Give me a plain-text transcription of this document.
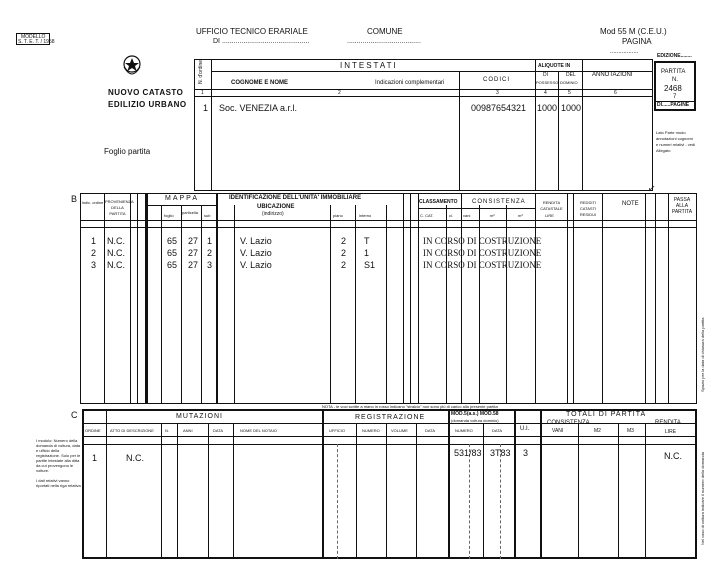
MODELLO
S. T. E. T. / 1958
UFFICIO TECNICO ERARIALE
DI .............................................
COMUNE
......................................
Mod 55 M (C.E.U.)
PAGINA
.................
EDIZIONE........
NUOVO CATASTO
EDILIZIO URBANO
Foglio partita
INTESTATI
COGNOME E NOME	Indicazioni complementari	CODICI
ALIQUOTE IN
DI	DEL
POSSESSO DOMINIO
ANNOTAZIONI
N. d'ordine
1	2	3	4	5	6
1 Soc. VENEZIA a.r.l.	00987654321 1000 1000
PARTITA
N.
2468
7
DI......PAGINE
Lato Parte modo annotazioni cognomi e numeri relativi - vedi Allegato
↙
B	MAPPA	IDENTIFICAZIONE DELL'UNITA' IMMOBILIARE
UBICAZIONE
(indirizzo)
CLASSAMENTO CONSISTENZA
Indic. ordine PROVENIENZA DELLA PARTITA	foglio
particella
sub	piano	interno	C. CAT.	cl.	vani	m²	m³
RENDITA CATASTALE
LIRE
REDDITI CATASTI RESIDUI
NOTE
PASSA ALLA PARTITA
1 N.C.	65 27 1	V. Lazio	2 T	IN CORSO DI COSTRUZIONE
2 N.C.	65 27 2	V. Lazio	2 1	IN CORSO DI COSTRUZIONE
3 N.C.	65 27 3	V. Lazio	2 S1	IN CORSO DI COSTRUZIONE
NOTA - le voci scritte a mano in rosso indicano "stralcio" non sono più di carico alla presente partita
Spazio per la data di chiusura della partita
C	MUTAZIONI	REGISTRAZIONE	MOD.5(a.s.) MOD.58
(domanda voltura dominio)
TOTALI DI PARTITA
CONSISTENZA	RENDITA
LIRE
ORDINE ATTO DI DESCRIZIONE	N.	ANNI	DATA	NOME DEL NOTAIO	UFFICIO	NUMERO	VOLUME	DATA	NUMERO	DATA	U.I.	VANI	M2	M3
I modulo: Numero della domanda di voltura, data e ufficio della registrazione. Solo per le partite intestate alla ditta da cui provengono le volture.
I dati relativi vanno riportati nella riga relativa
1	N.C.	531/83 3T83 3	N.C.	Nel caso di voltura indicare il numero della domanda
